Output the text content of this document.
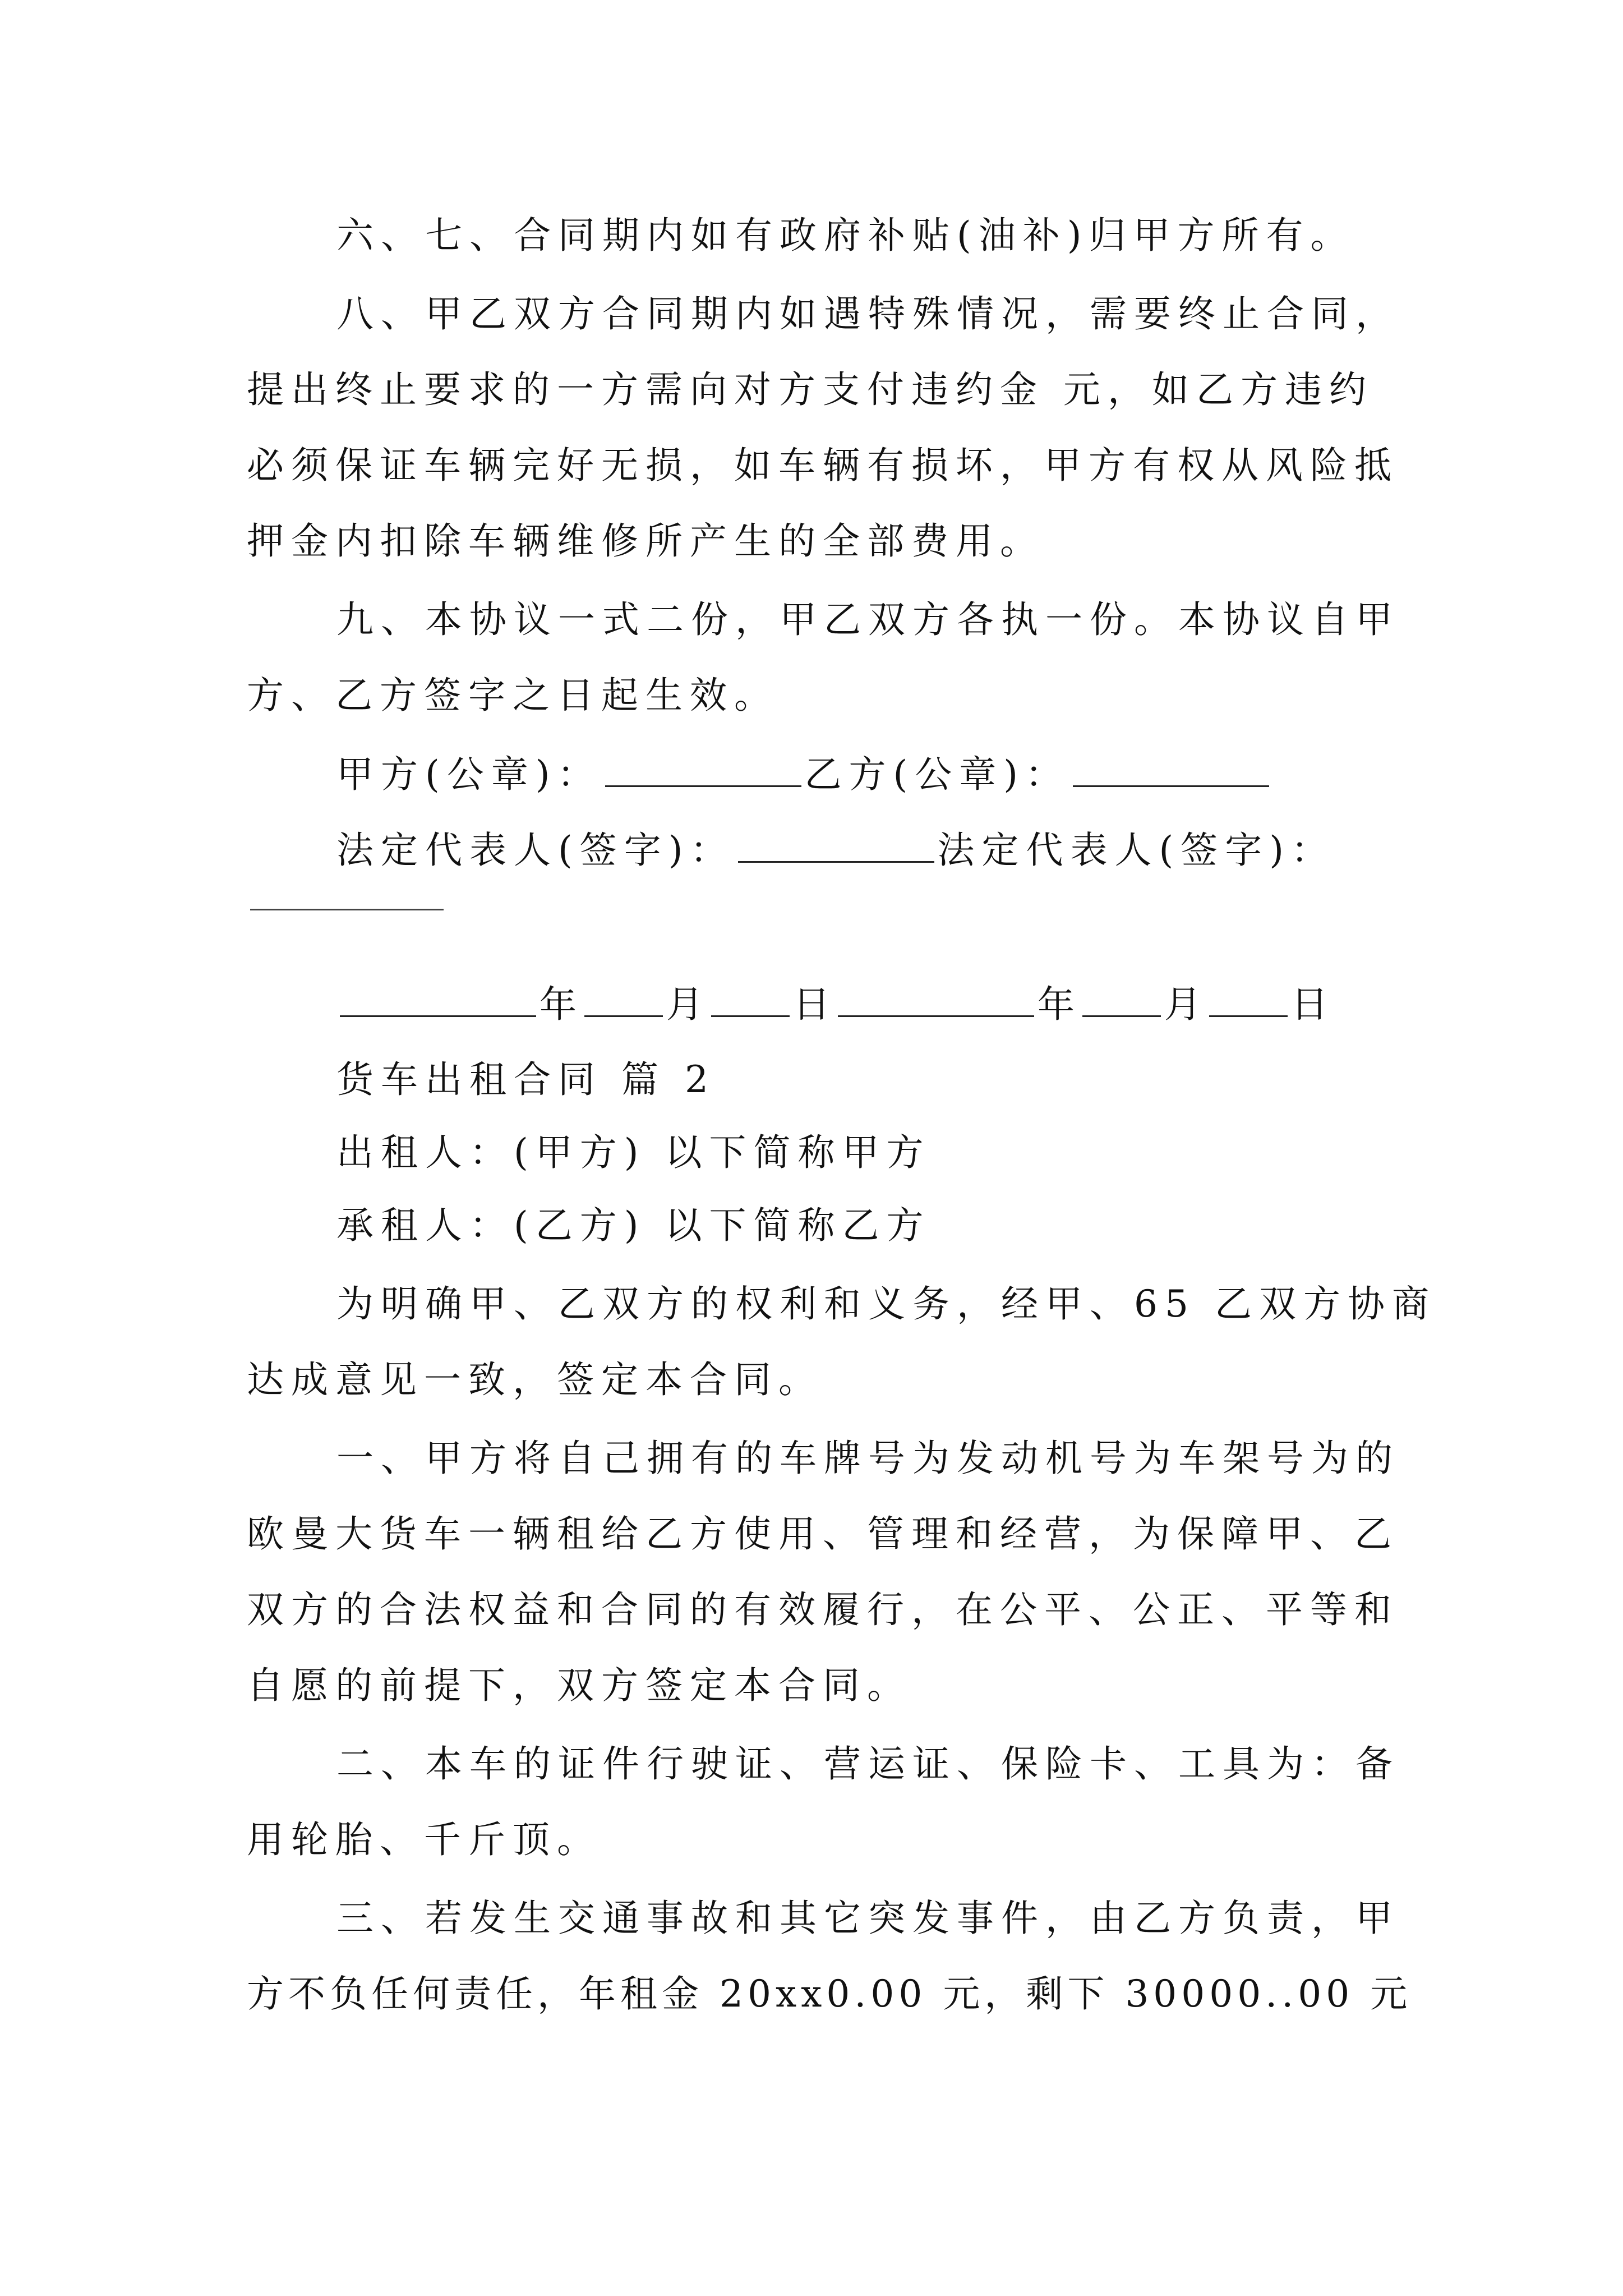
六、七、合同期内如有政府补贴(油补)归甲方所有。
八、甲乙双方合同期内如遇特殊情况，需要终止合同，
提出终止要求的一方需向对方支付违约金 元，如乙方违约
必须保证车辆完好无损，如车辆有损坏，甲方有权从风险抵
押金内扣除车辆维修所产生的全部费用。
九、本协议一式二份，甲乙双方各执一份。本协议自甲
方、乙方签字之日起生效。
甲方(公章)：	乙方(公章)：
法定代表人(签字)：	法定代表人(签字)：
年 月 日	年 月 日
货车出租合同 篇 2
出租人：(甲方) 以下简称甲方
承租人：(乙方) 以下简称乙方
为明确甲、乙双方的权利和义务，经甲、65 乙双方协商
达成意见一致，签定本合同。
一、甲方将自己拥有的车牌号为发动机号为车架号为的
欧曼大货车一辆租给乙方使用、管理和经营，为保障甲、乙
双方的合法权益和合同的有效履行，在公平、公正、平等和
自愿的前提下，双方签定本合同。
二、本车的证件行驶证、营运证、保险卡、工具为：备
用轮胎、千斤顶。
三、若发生交通事故和其它突发事件，由乙方负责，甲
方不负任何责任，年租金 20xx0.00 元，剩下 30000..00 元
